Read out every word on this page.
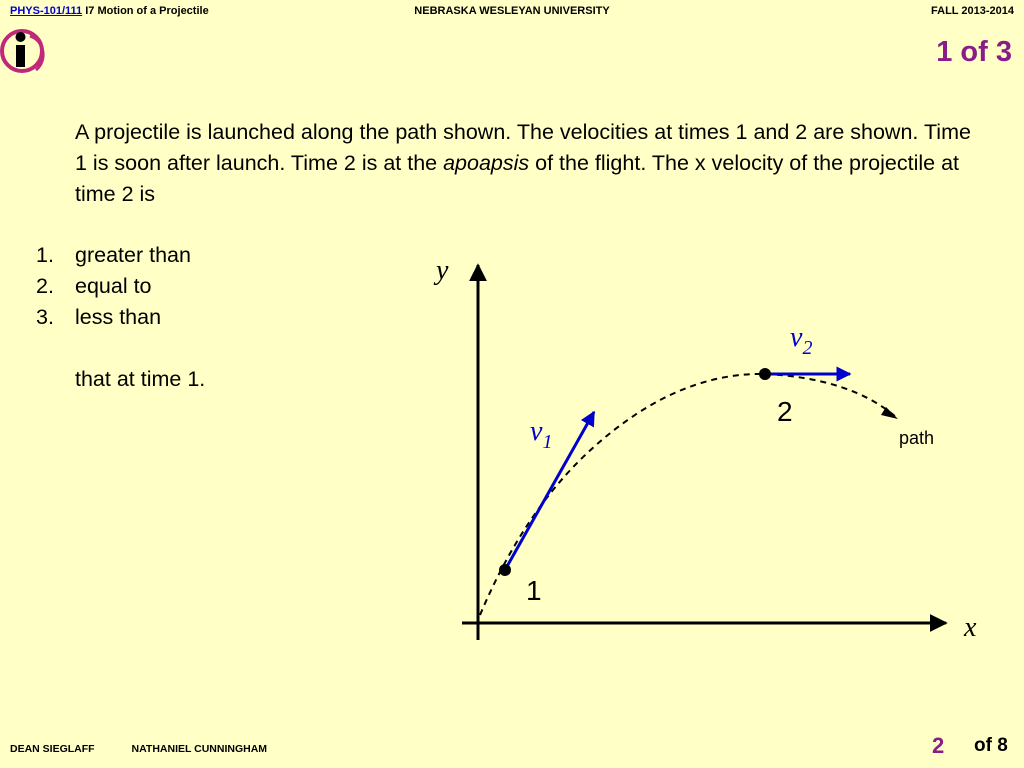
NEBRASKA WESLEYAN UNIVERSITY
PHYS-101/111 I7 Motion of a Projectile	FALL 2013-2014
1 of 3
A projectile is launched along the path shown. The velocities at times 1 and 2 are shown. Time 1 is soon after launch. Time 2 is at the apoapsis of the flight. The x velocity of the projectile at time 2 is
1. greater than
2. equal to
3. less than
that at time 1.
y
x
$v_1$
$v_2$
1
2
path
DEAN SIEGLAFF	NATHANIEL CUNNINGHAM	2 of 8
